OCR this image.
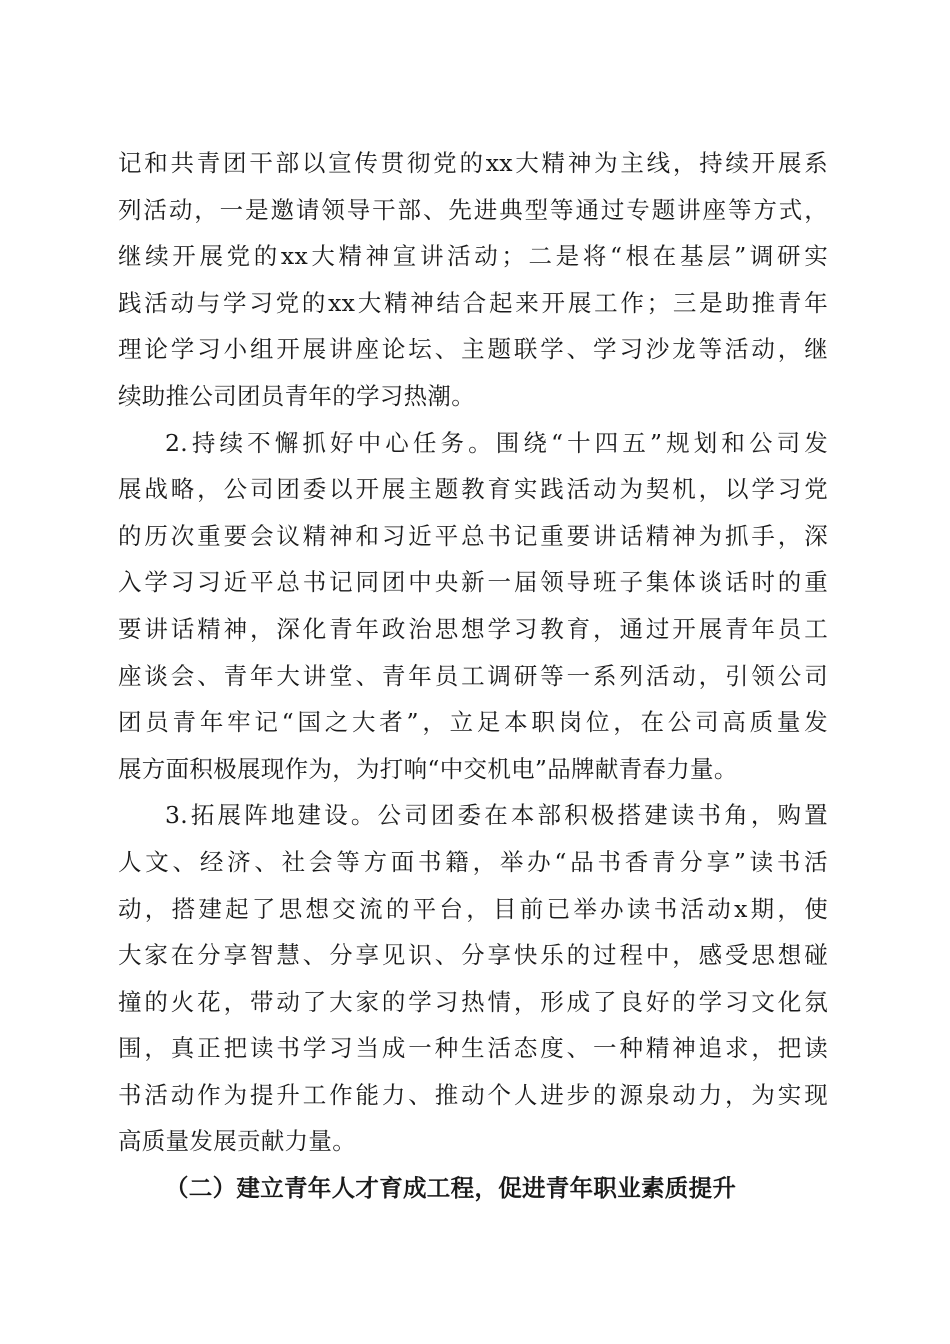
记和共青团干部以宣传贯彻党的xx大精神为主线，持续开展系
列活动，一是邀请领导干部、先进典型等通过专题讲座等方式，
继续开展党的xx大精神宣讲活动；二是将“根在基层”调研实
践活动与学习党的xx大精神结合起来开展工作；三是助推青年
理论学习小组开展讲座论坛、主题联学、学习沙龙等活动，继
续助推公司团员青年的学习热潮。
2.持续不懈抓好中心任务。围绕“十四五”规划和公司发
展战略，公司团委以开展主题教育实践活动为契机，以学习党
的历次重要会议精神和习近平总书记重要讲话精神为抓手，深
入学习习近平总书记同团中央新一届领导班子集体谈话时的重
要讲话精神，深化青年政治思想学习教育，通过开展青年员工
座谈会、青年大讲堂、青年员工调研等一系列活动，引领公司
团员青年牢记“国之大者”，立足本职岗位，在公司高质量发
展方面积极展现作为，为打响“中交机电”品牌献青春力量。
3.拓展阵地建设。公司团委在本部积极搭建读书角，购置
人文、经济、社会等方面书籍，举办“品书香青分享”读书活
动，搭建起了思想交流的平台，目前已举办读书活动x期，使
大家在分享智慧、分享见识、分享快乐的过程中，感受思想碰
撞的火花，带动了大家的学习热情，形成了良好的学习文化氛
围，真正把读书学习当成一种生活态度、一种精神追求，把读
书活动作为提升工作能力、推动个人进步的源泉动力，为实现
高质量发展贡献力量。
（二）建立青年人才育成工程，促进青年职业素质提升
